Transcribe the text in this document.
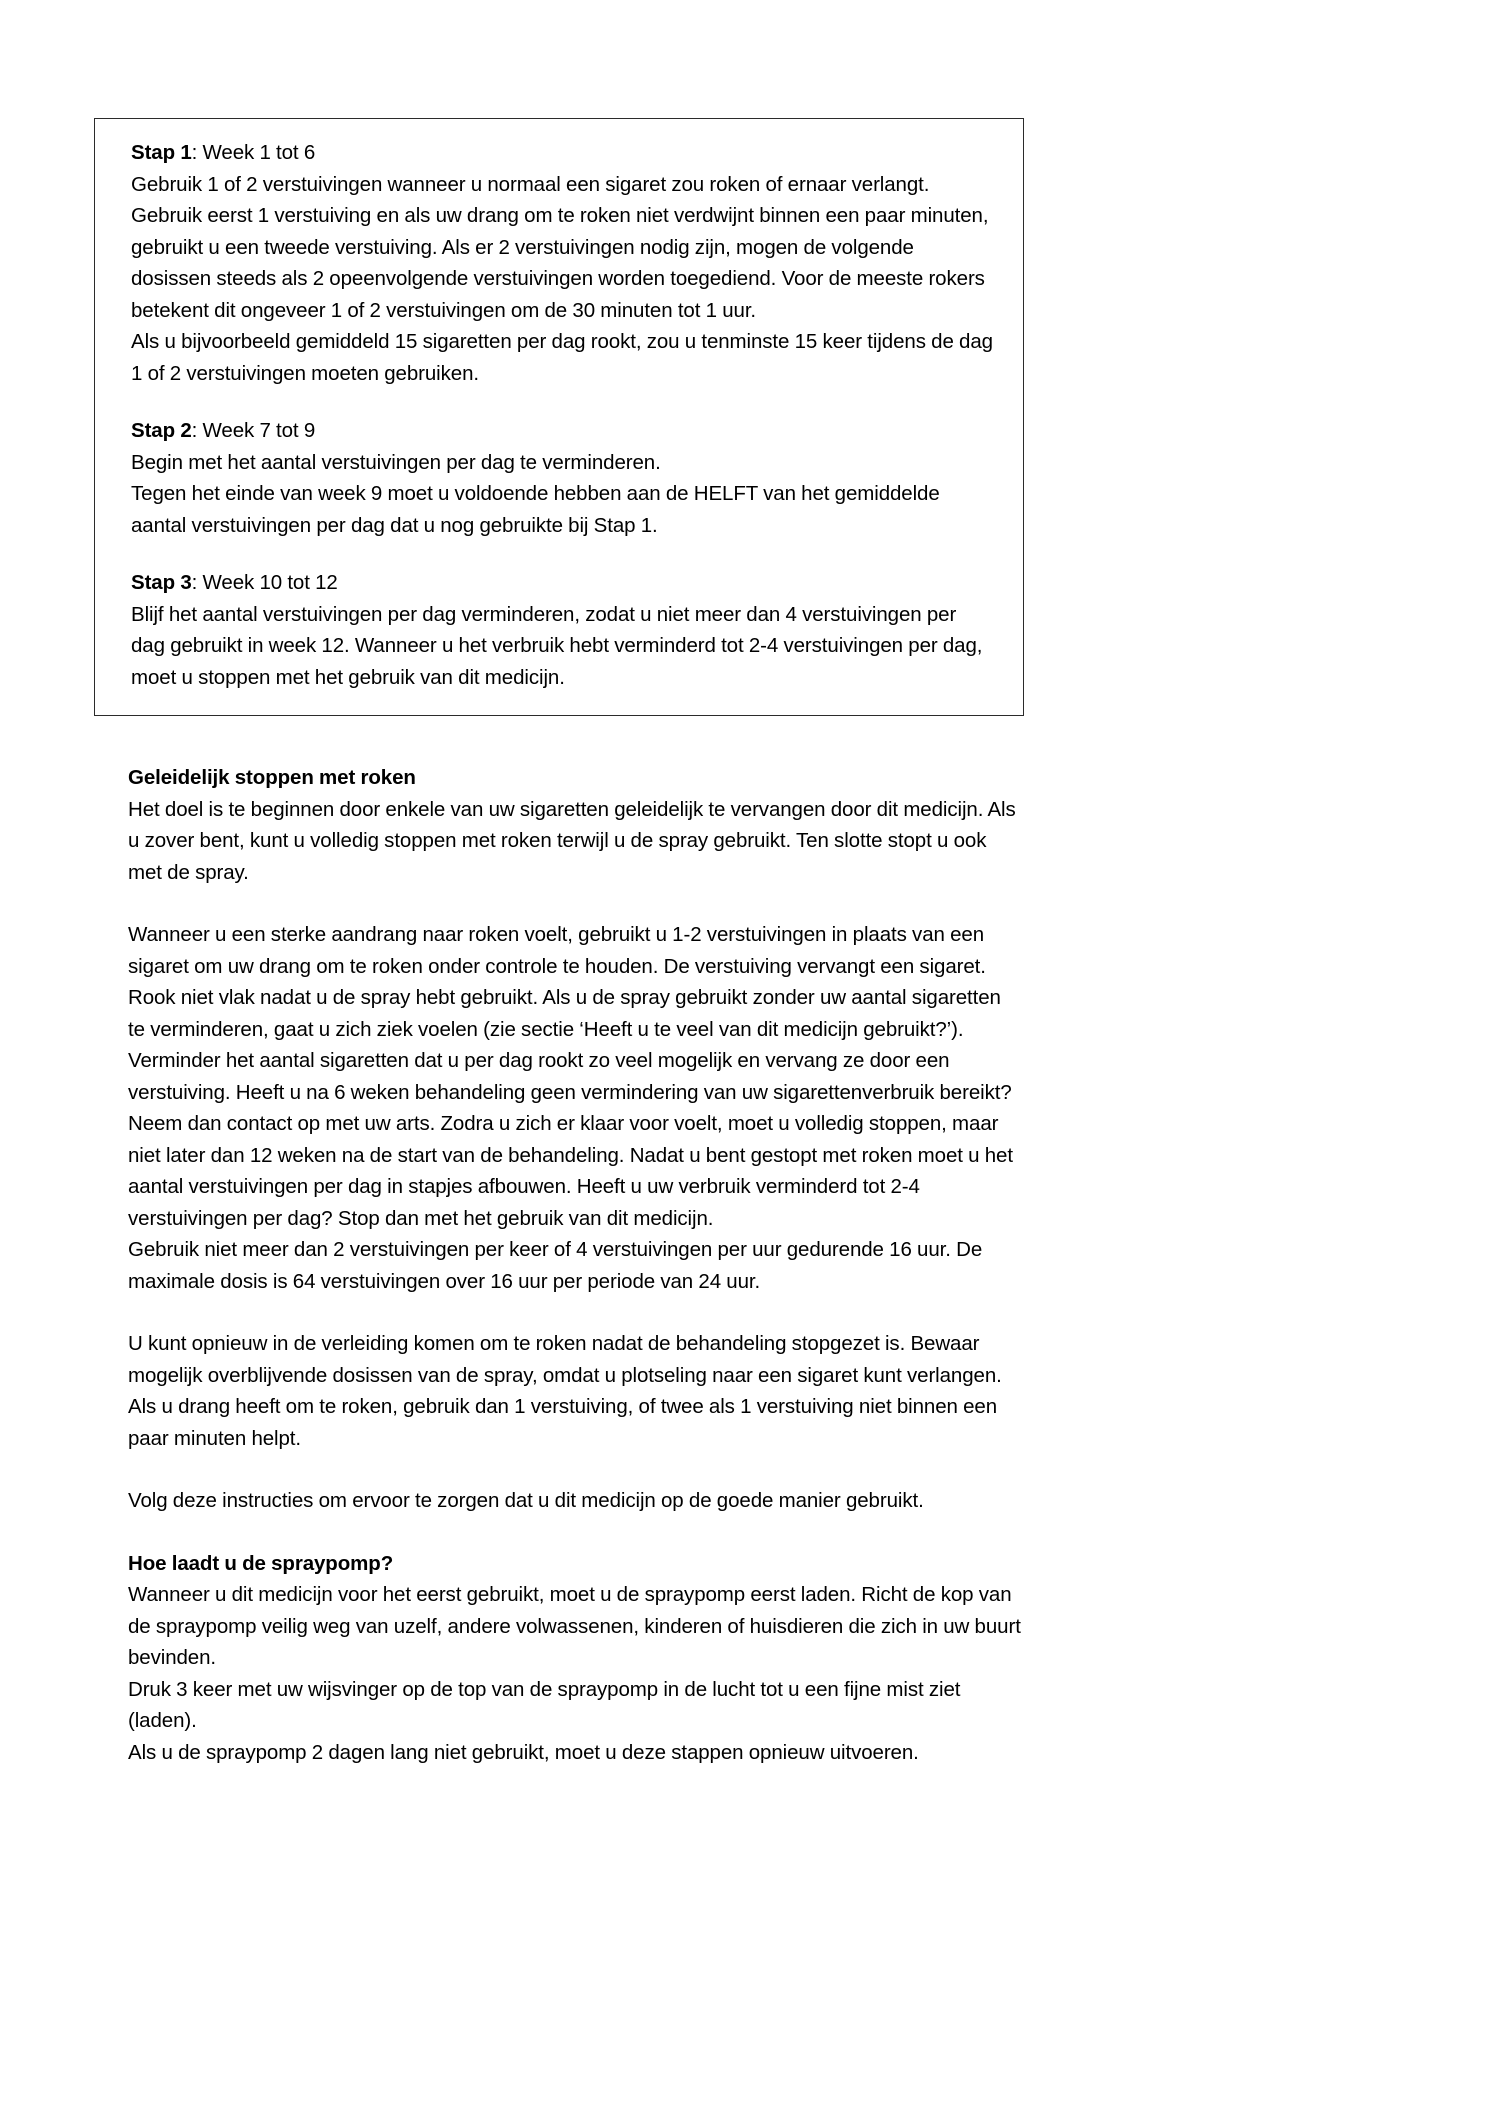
Stap 1: Week 1 tot 6

Gebruik 1 of 2 verstuivingen wanneer u normaal een sigaret zou roken of ernaar verlangt. Gebruik eerst 1 verstuiving en als uw drang om te roken niet verdwijnt binnen een paar minuten, gebruikt u een tweede verstuiving. Als er 2 verstuivingen nodig zijn, mogen de volgende dosissen steeds als 2 opeenvolgende verstuivingen worden toegediend. Voor de meeste rokers betekent dit ongeveer 1 of 2 verstuivingen om de 30 minuten tot 1 uur.

Als u bijvoorbeeld gemiddeld 15 sigaretten per dag rookt, zou u tenminste 15 keer tijdens de dag 1 of 2 verstuivingen moeten gebruiken.

Stap 2: Week 7 tot 9

Begin met het aantal verstuivingen per dag te verminderen.

Tegen het einde van week 9 moet u voldoende hebben aan de HELFT van het gemiddelde aantal verstuivingen per dag dat u nog gebruikte bij Stap 1.

Stap 3: Week 10 tot 12

Blijf het aantal verstuivingen per dag verminderen, zodat u niet meer dan 4 verstuivingen per dag gebruikt in week 12. Wanneer u het verbruik hebt verminderd tot 2-4 verstuivingen per dag, moet u stoppen met het gebruik van dit medicijn.

Geleidelijk stoppen met roken

Het doel is te beginnen door enkele van uw sigaretten geleidelijk te vervangen door dit medicijn. Als u zover bent, kunt u volledig stoppen met roken terwijl u de spray gebruikt. Ten slotte stopt u ook met de spray.

Wanneer u een sterke aandrang naar roken voelt, gebruikt u 1-2 verstuivingen in plaats van een sigaret om uw drang om te roken onder controle te houden. De verstuiving vervangt een sigaret. Rook niet vlak nadat u de spray hebt gebruikt. Als u de spray gebruikt zonder uw aantal sigaretten te verminderen, gaat u zich ziek voelen (zie sectie ‘Heeft u te veel van dit medicijn gebruikt?’). Verminder het aantal sigaretten dat u per dag rookt zo veel mogelijk en vervang ze door een verstuiving. Heeft u na 6 weken behandeling geen vermindering van uw sigarettenverbruik bereikt? Neem dan contact op met uw arts. Zodra u zich er klaar voor voelt, moet u volledig stoppen, maar niet later dan 12 weken na de start van de behandeling. Nadat u bent gestopt met roken moet u het aantal verstuivingen per dag in stapjes afbouwen. Heeft u uw verbruik verminderd tot 2-4 verstuivingen per dag? Stop dan met het gebruik van dit medicijn.

Gebruik niet meer dan 2 verstuivingen per keer of 4 verstuivingen per uur gedurende 16 uur. De maximale dosis is 64 verstuivingen over 16 uur per periode van 24 uur.

U kunt opnieuw in de verleiding komen om te roken nadat de behandeling stopgezet is. Bewaar mogelijk overblijvende dosissen van de spray, omdat u plotseling naar een sigaret kunt verlangen. Als u drang heeft om te roken, gebruik dan 1 verstuiving, of twee als 1 verstuiving niet binnen een paar minuten helpt.

Volg deze instructies om ervoor te zorgen dat u dit medicijn op de goede manier gebruikt.

Hoe laadt u de spraypomp?

Wanneer u dit medicijn voor het eerst gebruikt, moet u de spraypomp eerst laden. Richt de kop van de spraypomp veilig weg van uzelf, andere volwassenen, kinderen of huisdieren die zich in uw buurt bevinden.

Druk 3 keer met uw wijsvinger op de top van de spraypomp in de lucht tot u een fijne mist ziet (laden).

Als u de spraypomp 2 dagen lang niet gebruikt, moet u deze stappen opnieuw uitvoeren.
